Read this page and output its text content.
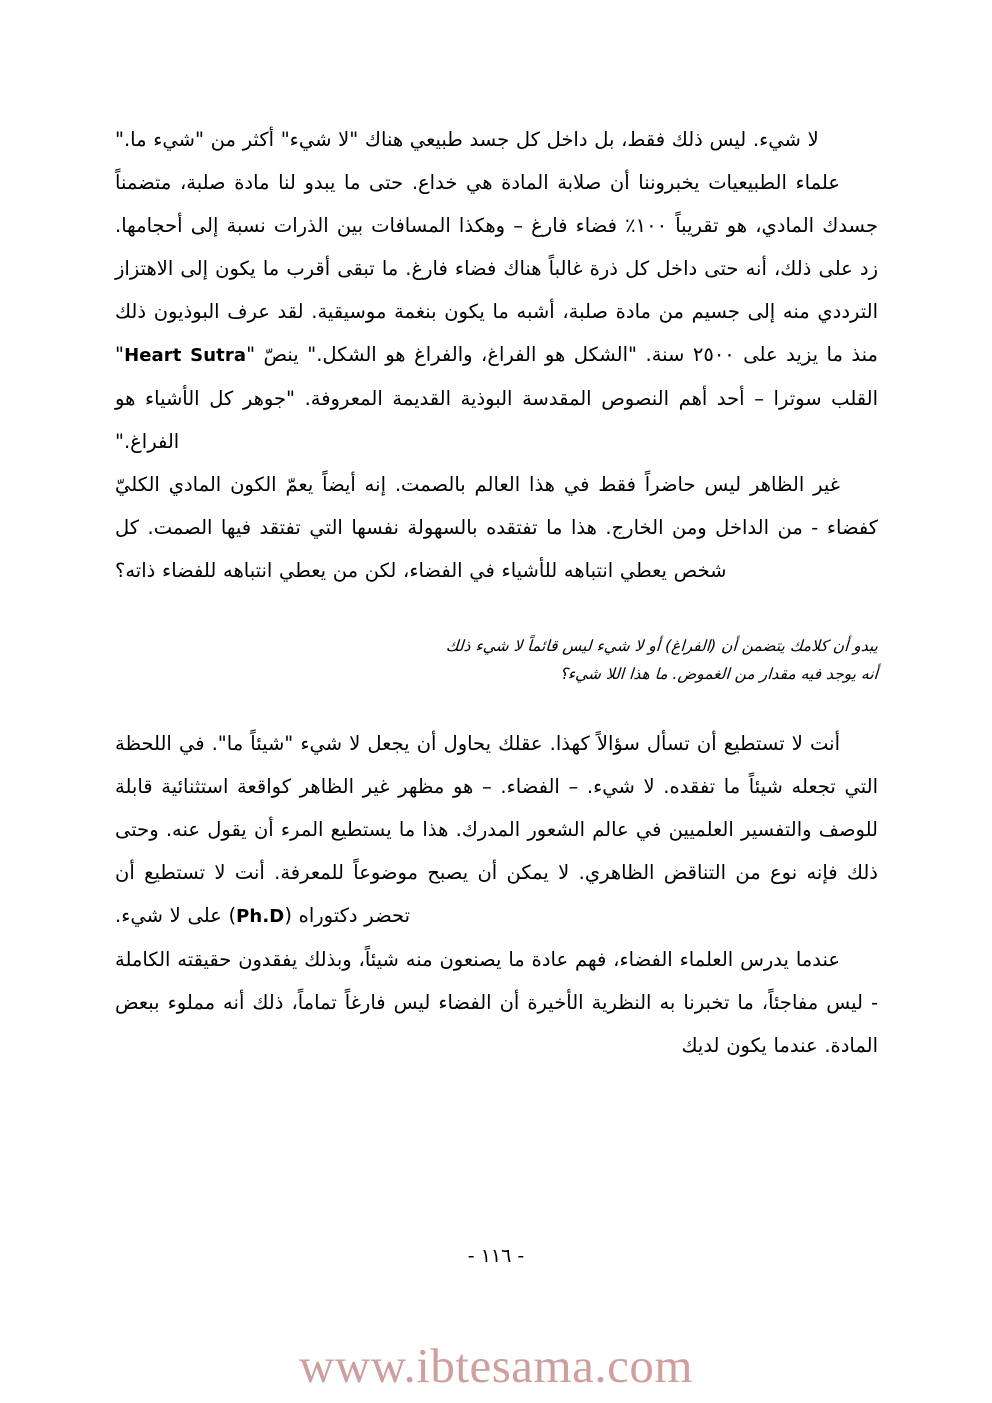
لا شيء. ليس ذلك فقط، بل داخل كل جسد طبيعي هناك "لا شيء" أكثر من "شيء ما."

علماء الطبيعيات يخبروننا أن صلابة المادة هي خداع. حتى ما يبدو لنا مادة صلبة، متضمناً جسدك المادي، هو تقريباً ١٠٠٪ فضاء فارغ – وهكذا المسافات بين الذرات نسبة إلى أحجامها. زد على ذلك، أنه حتى داخل كل ذرة غالباً هناك فضاء فارغ. ما تبقى أقرب ما يكون إلى الاهتزاز الترددي منه إلى جسيم من مادة صلبة، أشبه ما يكون بنغمة موسيقية. لقد عرف البوذيون ذلك منذ ما يزيد على ٢٥٠٠ سنة. "الشكل هو الفراغ، والفراغ هو الشكل." ينصّ "Heart Sutra" القلب سوترا – أحد أهم النصوص المقدسة البوذية القديمة المعروفة. "جوهر كل الأشياء هو الفراغ."

غير الظاهر ليس حاضراً فقط في هذا العالم بالصمت. إنه أيضاً يعمّ الكون المادي الكليّ كفضاء - من الداخل ومن الخارج. هذا ما تفتقده بالسهولة نفسها التي تفتقد فيها الصمت. كل شخص يعطي انتباهه للأشياء في الفضاء، لكن من يعطي انتباهه للفضاء ذاته؟

يبدو أن كلامك يتضمن أن (الفراغ) أو لا شيء ليس قائماً لا شيء ذلك
أنه يوجد فيه مقدار من الغموض. ما هذا اللا شيء؟

أنت لا تستطيع أن تسأل سؤالاً كهذا. عقلك يحاول أن يجعل لا شيء "شيئاً ما". في اللحظة التي تجعله شيئاً ما تفقده. لا شيء. – الفضاء. – هو مظهر غير الظاهر كواقعة استثنائية قابلة للوصف والتفسير العلميين في عالم الشعور المدرك. هذا ما يستطيع المرء أن يقول عنه. وحتى ذلك فإنه نوع من التناقض الظاهري. لا يمكن أن يصبح موضوعاً للمعرفة. أنت لا تستطيع أن تحضر دكتوراه (Ph.D) على لا شيء.

عندما يدرس العلماء الفضاء، فهم عادة ما يصنعون منه شيئاً، وبذلك يفقدون حقيقته الكاملة - ليس مفاجئاً، ما تخبرنا به النظرية الأخيرة أن الفضاء ليس فارغاً تماماً، ذلك أنه مملوء ببعض المادة. عندما يكون لديك

- ١١٦ -
www.ibtesama.com
